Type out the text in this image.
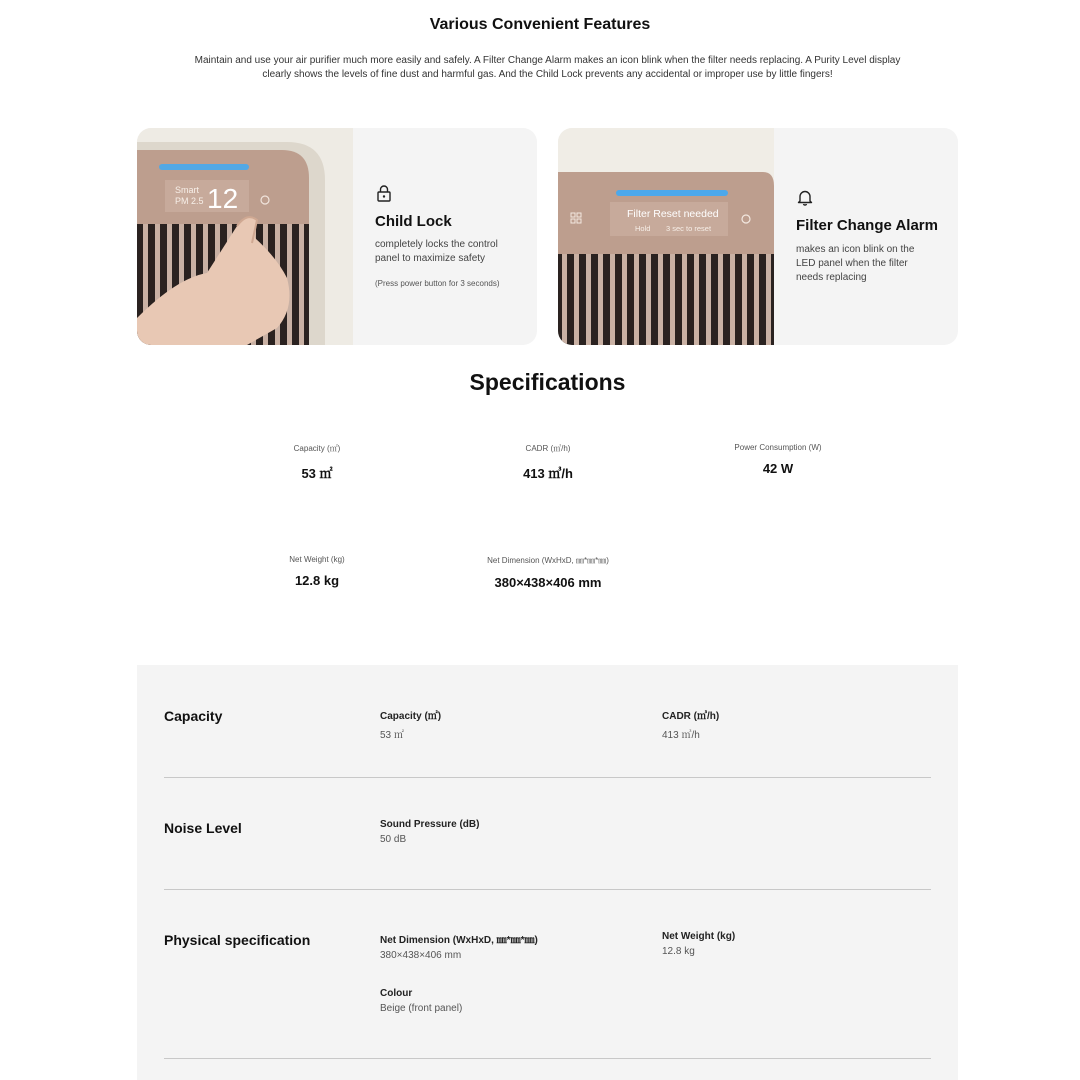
Various Convenient Features
Maintain and use your air purifier much more easily and safely. A Filter Change Alarm makes an icon blink when the filter needs replacing. A Purity Level display
clearly shows the levels of fine dust and harmful gas. And the Child Lock prevents any accidental or improper use by little fingers!
Smart
PM 2.5 12
Child Lock
completely locks the control panel to maximize safety
(Press power button for 3 seconds)
Filter Reset needed
Hold 3 sec to reset	Filter Change Alarm
makes an icon blink on the LED panel when the filter needs replacing
Specifications
Capacity (㎡)
53 ㎡
CADR (㎥/h)
413 ㎥/h
Power Consumption (W)
42 W
Net Weight (kg)
12.8 kg
Net Dimension (WxHxD, ㎜*㎜*㎜)
380×438×406 mm
Capacity	Capacity (㎡)
53 ㎡
CADR (㎥/h)
413 ㎥/h
Noise Level	Sound Pressure (dB)
50 dB
Physical specification	Net Dimension (WxHxD, ㎜*㎜*㎜)
380×438×406 mm
Net Weight (kg)
12.8 kg
Colour
Beige (front panel)
